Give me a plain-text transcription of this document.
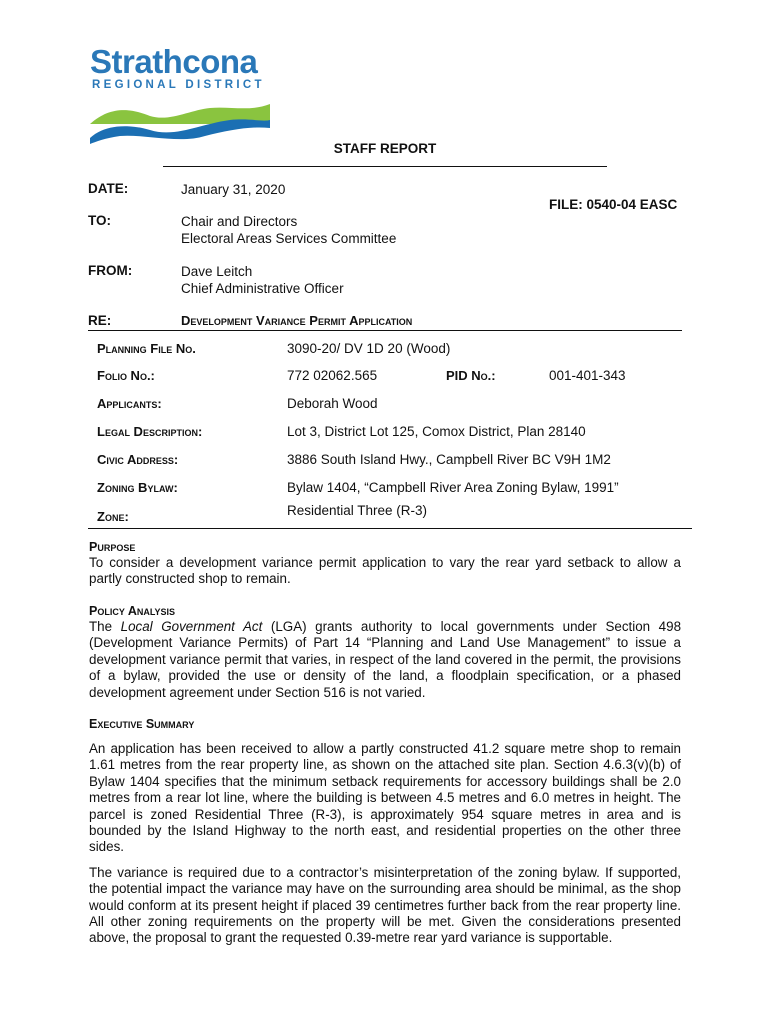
Strathcona
REGIONAL DISTRICT
STAFF REPORT
DATE:	January 31, 2020
FILE: 0540-04 EASC
TO:	Chair and Directors
Electoral Areas Services Committee
FROM:	Dave Leitch
Chief Administrative Officer
RE:	Development Variance Permit Application
Planning File No.	3090-20/ DV 1D 20 (Wood)
Folio No.:	772 02062.565	PID No.:	001-401-343
Applicants:	Deborah Wood
Legal Description:	Lot 3, District Lot 125, Comox District, Plan 28140
Civic Address:	3886 South Island Hwy., Campbell River BC V9H 1M2
Zoning Bylaw:	Bylaw 1404, “Campbell River Area Zoning Bylaw, 1991”
Zone:	Residential Three (R-3)
Purpose

To consider a development variance permit application to vary the rear yard setback to allow a partly constructed shop to remain.

Policy Analysis

The Local Government Act (LGA) grants authority to local governments under Section 498 (Development Variance Permits) of Part 14 “Planning and Land Use Management” to issue a development variance permit that varies, in respect of the land covered in the permit, the provisions of a bylaw, provided the use or density of the land, a floodplain specification, or a phased development agreement under Section 516 is not varied.

Executive Summary

An application has been received to allow a partly constructed 41.2 square metre shop to remain 1.61 metres from the rear property line, as shown on the attached site plan. Section 4.6.3(v)(b) of Bylaw 1404 specifies that the minimum setback requirements for accessory buildings shall be 2.0 metres from a rear lot line, where the building is between 4.5 metres and 6.0 metres in height. The parcel is zoned Residential Three (R-3), is approximately 954 square metres in area and is bounded by the Island Highway to the north east, and residential properties on the other three sides.

The variance is required due to a contractor’s misinterpretation of the zoning bylaw. If supported, the potential impact the variance may have on the surrounding area should be minimal, as the shop would conform at its present height if placed 39 centimetres further back from the rear property line. All other zoning requirements on the property will be met. Given the considerations presented above, the proposal to grant the requested 0.39-metre rear yard variance is supportable.
